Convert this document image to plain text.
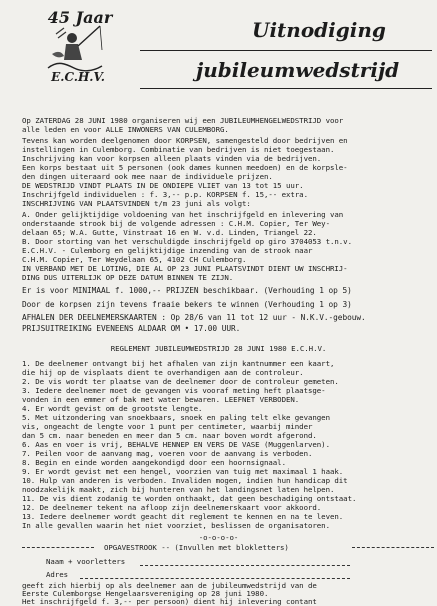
45 Jaar
E.C.H.V.
Uitnodiging
jubileumwedstrijd
Op ZATERDAG 28 JUNI 1980 organiseren wij een JUBILEUMHENGELWEDSTRIJD voor
alle leden en voor ALLE INWONERS VAN CULEMBORG.
Tevens kan worden deelgenomen door KORPSEN, samengesteld door bedrijven en
instellingen in Culemborg. Combinatie van bedrijven is niet toegestaan.
Inschrijving kan voor korpsen alleen plaats vinden via de bedrijven.
Een korps bestaat uit 5 personen (ook dames kunnen meedoen) en de korpsle-
den dingen uiteraard ook mee naar de individuele prijzen.
DE WEDSTRIJD VINDT PLAATS IN DE ONDIEPE VLIET van 13 tot 15 uur.
Inschrijfgeld individuelen : f. 3,-- p.p. KORPSEN f. 15,-- extra.
INSCHRIJVING VAN PLAATSVINDEN t/m 23 juni als volgt:
A. Onder gelijktijdige voldoening van het inschrijfgeld en inlevering van
onderstaande strook bij de volgende adressen : C.H.M. Copier, Ter Wey-
delaan 65; W.A. Gutte, Vinstraat 16 en W. v.d. Linden, Triangel 22.
B. Door storting van het verschuldigde inschrijfgeld op giro 3704053 t.n.v.
E.C.H.V. - Culemborg en gelijktijdige inzending van de strook naar
C.H.M. Copier, Ter Weydelaan 65, 4102 CH Culemborg.
IN VERBAND MET DE LOTING, DIE AL OP 23 JUNI PLAATSVINDT DIENT UW INSCHRIJ-
DING DUS UITERLIJK OP DEZE DATUM BINNEN TE ZIJN.
Er is voor MINIMAAL f. 1000,-- PRIJZEN beschikbaar. (Verhouding 1 op 5)
Door de korpsen zijn tevens fraaie bekers te winnen (Verhouding 1 op 3)
AFHALEN DER DEELNEMERSKAARTEN : Op 28/6 van 11 tot 12 uur - N.K.V.-gebouw.
PRIJSUITREIKING EVENEENS ALDAAR OM • 17.00 UUR.
REGLEMENT JUBILEUMWEDSTRIJD 28 JUNI 1980 E.C.H.V.
1. De deelnemer ontvangt bij het afhalen van zijn kantnummer een kaart,
die hij op de visplaats dient te overhandigen aan de controleur.
2. De vis wordt ter plaatse van de deelnemer door de controleur gemeten.
3. Iedere deelnemer moet de gevangen vis vooraf meting heft plaatsge-
vonden in een emmer of bak met water bewaren. LEEFNET VERBODEN.
4. Er wordt gevist om de grootste lengte.
5. Met uitzondering van snoekbaars, snoek en paling telt elke gevangen
vis, ongeacht de lengte voor 1 punt per centimeter, waarbij minder
dan 5 cm. naar beneden en meer dan 5 cm. naar boven wordt afgerond.
6. Aas en voer is vrij, BEHALVE HENNEP EN VERS DE VASE (Muggenlarven).
7. Peilen voor de aanvang mag, voeren voor de aanvang is verboden.
8. Begin en einde worden aangekondigd door een hoornsignaal.
9. Er wordt gevist met een hengel, voorzien van tuig met maximaal 1 haak.
10. Hulp van anderen is verboden. Invaliden mogen, indien hun handicap dit
noodzakelijk maakt, zich bij hunteren van het landingsnet laten helpen.
11. De vis dient zodanig te worden onthaakt, dat geen beschadiging ontstaat.
12. De deelnemer tekent na afloop zijn deelnemerskaart voor akkoord.
13. Iedere deelnemer wordt geacht dit reglement te kennen en na te leven.
In alle gevallen waarin het niet voorziet, beslissen de organisatoren.
-o-o-o-o-
OPGAVESTROOK -- (Invullen met blokletters)
Naam + voorletters
Adres
geeft zich hierbij op als deelnemer aan de jubileumwedstrijd van de
Eerste Culemborgse Hengelaarsvereniging op 28 juni 1980.
Het inschrijfgeld f. 3,-- per persoon) dient hij inlevering contant
